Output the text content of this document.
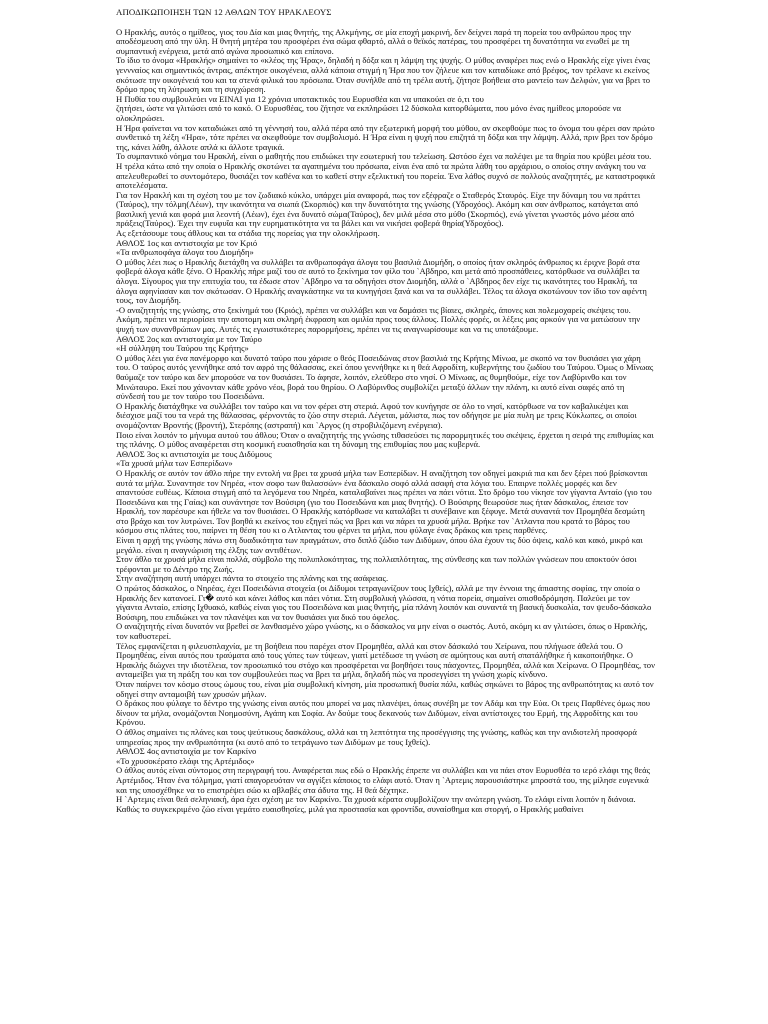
ΑΠΟΔΙΚΩΠΟΙΗΣΗ ΤΩΝ 12 ΑΘΛΩΝ ΤΟΥ ΗΡΑΚΛΕΟΥΣ
Ο Ηρακλής, αυτός ο ημίθεος, γιος του Δία και μιας θνητής, της Αλκμήνης, σε μία εποχή μακρινή, δεν δείχνει παρά τη πορεία του ανθρώπου προς την αποδέσμευση από την ύλη. Η θνητή μητέρα του προσφέρει ένα σώμα φθαρτό, αλλά ο θεϊκός πατέρας, του προσφέρει τη δυνατότητα να ενωθεί με τη συμπαντική ενέργεια, μετά από αγώνα προσωπικό και επίπονο.
Το ίδιο το όνομα «Ηρακλής» σημαίνει το «κλέος της Ήρας», δηλαδή η δόξα και η λάμψη της ψυχής. Ο μύθος αναφέρει πως ενώ ο Ηρακλής είχε γίνει ένας γεννναίος και σημαντικός άντρας, απέκτησε οικογένεια, αλλά κάποια στιγμή η Ήρα που τον ζήλευε και τον καταδίωκε από βρέφος, τον τρέλανε κι εκείνος σκότωσε την οικογένειά του και τα στενά φιλικά του πρόσωπα. Όταν συνήλθε από τη τρέλα αυτή, ζήτησε βοήθεια στο μαντείο των Δελφών, για να βρει το δρόμο προς τη λύτρωση και τη συγχώρεση.
Η Πυθία του συμβουλεύει να ΕΙΝΑΙ για 12 χρόνια υποτακτικός του Ευρυσθέα και να υπακούει σε ό,τι του
ζητήσει, ώστε να γλιτώσει από το κακό. Ο Ευρυσθέας, του ζήτησε να εκπληρώσει 12 δύσκολα κατορθώματα, που μόνο ένας ημίθεος μπορούσε να ολοκληρώσει.
Η Ήρα φαίνεται να τον καταδιώκει από τη γέννησή του, αλλά πέρα από την εξωτερική μορφή του μύθου, αν σκεφθούμε πως το όνομα του φέρει σαν πρώτο συνθετικό τη λέξη «Ήρα», τότε πρέπει να σκεφθούμε τον συμβολισμό. Η Ήρα είναι η ψυχή που επιζητά τη δόξα και την λάμψη. Αλλά, πριν βρει τον δρόμο της, κάνει λάθη, άλλοτε απλά κι άλλοτε τραγικά.
Το συμπαντικό νόημα του Ηρακλή, είναι ο μαθητής που επιδιώκει την εσωτερική του τελείωση. Ωστόσο έχει να παλέψει με τα θηρία που κρύβει μέσα του. Η τρέλα κάτω από την οποία ο Ηρακλής σκοτώνει τα αγαπημένα του πρόσωπα, είναι ένα από τα πρώτα λάθη του αρχάριου, ο οποίος στην ανάγκη του να απελευθερωθεί το συντομότερο, θυσιάζει τον καθένα και το καθετί στην εξελικτική του πορεία. Ένα λάθος συχνό σε πολλούς αναζητητές, με καταστροφικά αποτελέσματα.
Για τον Ηρακλή και τη σχέση του με τον ζωδιακό κύκλο, υπάρχει μία αναφορά, πως τον εξέφραζε ο Σταθερός Σταυρός. Είχε την δύναμη του να πράττει (Ταύρος), την τόλμη(Λέων), την ικανότητα να σιωπά (Σκορπιός) και την δυνατότητα της γνώσης (Υδροχόος). Ακόμη και σαν άνθρωπος, κατάγεται από βασιλική γενιά και φορά μια λεοντή (Λέων), έχει ένα δυνατό σώμα(Ταύρος), δεν μιλά μέσα στο μύθο (Σκορπιός), ενώ γίνεται γνωστός μόνο μέσα από πράξεις(Ταύρος). Έχει την ευφυΐα και την ευρηματικότητα να τα βάλει και να νικήσει φοβερά θηρία(Υδροχόος).
Ας εξετάσουμε τους άθλους και τα στάδια της πορείας για την ολοκλήρωση.
ΑΘΛΟΣ 1ος και αντιστοιχία με τον Κριό
«Τα ανθρωποφάγα άλογα του Διομήδη»
Ο μύθος λέει πως ο Ηρακλής διετάχθη να συλλάβει τα ανθρωποφάγα άλογα του βασιλιά Διομήδη, ο οποίος ήταν σκληρός άνθρωπος κι έριχνε βορά στα φοβερά άλογα κάθε ξένο. Ο Ηρακλής πήρε μαζί του σε αυτό το ξεκίνημα τον φίλο του `Αβδηρο, και μετά από προσπάθειες, κατόρθωσε να συλλάβει τα άλογα. Σίγουρος για την επιτυχία του, τα έδωσε στον `Αβδηρο να τα οδηγήσει στον Διομήδη, αλλά ο `Αβδηρος δεν είχε τις ικανότητες του Ηρακλή, τα άλογα αφηνίασαν και τον σκότωσαν. Ο Ηρακλής αναγκάστηκε να τα κυνηγήσει ξανά και να τα συλλάβει. Τέλος τα άλογα σκοτώνουν τον ίδιο τον αφέντη τους, τον Διομήδη.
-Ο αναζητητής της γνώσης, στο ξεκίνημά του (Κριός), πρέπει να συλλάβει και να δαμάσει τις βίαιες, σκληρές, άπονες και πολεμοχαρείς σκέψεις του. Ακόμη, πρέπει να περιορίσει την αποτομη και σκληρή έκφραση και ομιλία προς τους άλλους. Πολλές φορές, οι λέξεις μας αρκούν για να ματώσουν την ψυχή των συνανθρώπων μας. Αυτές τις εγωιστικότερες παρορμήσεις, πρέπει να τις αναγνωρίσουμε και να τις υποτάξουμε.
ΑΘΛΟΣ 2ος και αντιστοιχία με τον Ταύρο
«Η σύλληψη του Ταύρου της Κρήτης»
Ο μύθος λέει για ένα πανέμορφο και δυνατό ταύρο που χάρισε ο θεός Ποσειδώνας στον βασιλιά της Κρήτης Μίνωα, με σκοπό να τον θυσιάσει για χάρη του. Ο ταύρος αυτός γεννήθηκε από τον αφρό της θάλασσας, εκεί όπου γεννήθηκε κι η θεά Αφροδίτη, κυβερνήτης του ζωδίου του Ταύρου. Όμως ο Μίνωας θαύμαζε τον ταύρο και δεν μπορούσε να τον θυσιάσει. Το άφησε, λοιπόν, ελεύθερο στο νησί. Ο Μίνωας, ας θυμηθούμε, είχε τον Λαβύρινθο και τον Μινώταυρο. Εκεί που χάνονταν κάθε χρόνο νέοι, βορά του θηρίου. Ο Λαβύρινθος συμβολίζει μεταξύ άλλων την πλάνη, κι αυτό είναι σαφές από τη σύνδεσή του με τον ταύρο του Ποσειδώνα.
Ο Ηρακλής διατάχθηκε να συλλάβει τον ταύρο και να τον φέρει στη στεριά. Αφού τον κυνήγησε σε όλο το νησί, κατόρθωσε να τον καβαλικέψει και διέσχισε μαζί του τα νερά της θάλασσας, φέρνοντάς το ζώο στην στεριά. Λέγεται, μάλιστα, πως τον οδήγησε με μία πυλη με τρεις Κύκλωπες, οι οποίοι ονομάζονταν Βροντής (βροντή), Στερόπης (αστραπή) και `Αργος (η στροβιλιζόμενη ενέργεια).
Ποιο είναι λοιπόν το μήνυμα αυτού του άθλου; Όταν ο αναζητητής της γνώσης τιθασεύσει τις παρορμητικές του σκέψεις, έρχεται η σειρά της επιθυμίας και της πλάνης. Ο μύθος αναφέρεται στη κοσμική ευαισθησία και τη δύναμη της επιθυμίας που μας κυβερνά.
ΑΘΛΟΣ 3ος κι αντιστοιχία με τους Διδύμους
«Τα χρυσά μήλα των Εσπερίδων»
Ο Ηρακλής σε αυτόν τον άθλο πήρε την εντολή να βρει τα χρυσά μήλα των Εσπερίδων. Η αναζήτηση τον οδηγεί μακριά πια και δεν ξέρει πού βρίσκονται αυτά τα μήλα. Συναντησε τον Νηρέα, «τον σοφο των θαλασσών» ένα δάσκαλο σοφό αλλά ασαφή στα λόγια του. Επαιρνε πολλές μορφές και δεν απαντούσε ευθέως. Κάποια στιγμή από τα λεγόμενα του Νηρέα, καταλαβαίνει πως πρέπει να πάει νότια. Στο δρόμο του νίκησε τον γίγαντα Ανταίο (γιο του Ποσειδώνα και της Γαίας) και συνάντησε τον Βούσιρη (γιο του Ποσειδώνα και μιας θνητής). Ο Βούσιρης θεωρούσε πως ήταν δάσκαλος, έπεισε τον Ηρακλή, τον παρέσυρε και ήθελε να τον θυσιάσει. Ο Ηρακλής κατόρθωσε να καταλάβει τι συνέβαινε και ξέφυγε. Μετά συναντά τον Προμηθέα δεσμώτη στο βράχο και τον λυτρώνει. Τον βοηθά κι εκείνος του εξηγεί πώς να βρει και να πάρει τα χρυσά μήλα. Βρήκε τον `Ατλαντα που κρατά το βάρος του κόσμου στις πλάτες του, παίρνει τη θέση του κι ο Ατλαντας του φέρνει τα μήλα, που φύλαγε ένας δράκος και τρεις παρθένες.
Είναι η αρχή της γνώσης πάνω στη δυαδικότητα των πραγμάτων, στο διπλό ζώδιο των Διδύμων, όπου όλα έχουν τις δύο όψεις, καλό και κακό, μικρό και μεγάλο. είναι η αναγνώριση της έλξης των αντιθέτων.
Στον άθλο τα χρυσά μήλα είναι πολλά, σύμβολο της πολυπλοκότητας, της πολλαπλότητας, της σύνθεσης και των πολλών γνώσεων που αποκτούν όσοι τρέφονται με το Δέντρο της Ζωής.
Στην αναζήτηση αυτή υπάρχει πάντα το στοιχείο της πλάνης και της ασάφειας.
Ο πρώτος δάσκαλος, ο Νηρέας, έχει Ποσειδώνια στοιχεία (οι Δίδυμοι τετραγωνίζουν τους Ιχθείς), αλλά με την έννοια της άπιαστης σοφίας, την οποία ο Ηρακλής δεν κατανοεί. Γι� αυτό και κάνει λάθος και πάει νότια. Στη συμβολική γλώσσα, η νότια πορεία, σημαίνει οπισθοδρόμηση. Παλεύει με τον γίγαντα Ανταίο, επίσης Ιχθυακό, καθώς είναι γιος του Ποσειδώνα και μιας θνητής, μία πλάνη λοιπόν και συναντά τη βασική δυσκολία, τον ψευδο-δάσκαλο Βούσιρη, που επιδιώκει να τον πλανέψει και να τον θυσιάσει για δικό του όφελος.
Ο αναζητητής είναι δυνατόν να βρεθεί σε λανθασμένο χώρο γνώσης, κι ο δάσκαλος να μην είναι ο σωστός. Αυτό, ακόμη κι αν γλιτώσει, όπως ο Ηρακλής, τον καθυστερεί.
Τέλος εμφανίζεται η φιλευσπλαχνία, με τη βοήθεια που παρέχει στον Προμηθέα, αλλά και στον δάσκαλό του Χείρωνα, που πλήγωσε άθελά του. Ο Προμηθέας, είναι αυτός που τραύματα από τους γύπες των τύψεων, γιατί μετέδωσε τη γνώση σε αμύητους και αυτή σπατάλήθηκε ή κακοποιήθηκε. Ο Ηρακλής διώχνει την ιδιοτέλεια, τον προσωπικό του στόχο και προσφέρεται να βοηθήσει τους πάσχοντες, Προμηθέα, αλλά και Χείρωνα. Ο Προμηθέας, τον ανταμείβει για τη πράξη του και τον συμβουλεύει πως να βρει τα μήλα, δηλαδή πώς να προσεγγίσει τη γνώση χωρίς κίνδυνο.
Όταν παίρνει τον κόσμο στους ώμους του, είναι μία συμβολική κίνηση, μία προσωπική θυσία πάλι, καθώς σηκώνει το βάρος της ανθρωπότητας κι αυτό τον οδηγεί στην ανταμοιβή των χρυσών μήλων.
Ο δράκος που φύλαγε το δέντρο της γνώσης είναι αυτός που μπορεί να μας πλανέψει, όπως συνέβη με τον Αδάμ και την Εύα. Οι τρεις Παρθένες όμως που δίνουν τα μήλα, ονομάζονται Νοημοσύνη, Αγάπη και Σοφία. Αν δούμε τους δεκανούς των Διδύμων, είναι αντίστοιχες του Ερμή, της Αφροδίτης και του Κρόνου.
Ο άθλος σημαίνει τις πλάνες και τους ψεύτικους δασκάλους, αλλά και τη λεπτότητα της προσέγγισης της γνώσης, καθώς και την ανιδιοτελή προσφορά υπηρεσίας προς την ανθρωπότητα (κι αυτό από το τετράγωνο των Διδύμων με τους Ιχθείς).
ΑΘΛΟΣ 4ος αντιστοιχία με τον Καρκίνο
«Το χρυσοκέρατο ελάφι της Αρτέμιδος»
Ο άθλος αυτός είναι σύντομος στη περιγραφή του. Αναφέρεται πως εδώ ο Ηρακλής έπρεπε να συλλάβει και να πάει στον Ευρυσθέα το ιερό ελάφι της θεάς Αρτέμιδος. Ήταν ένα τόλμημα, γιατί απαγορευόταν να αγγίξει κάποιος το ελάφι αυτό. Όταν η `Αρτεμις παρουσιάστηκε μπροστά του, της μίλησε ευγενικά και της υποσχέθηκε να το επιστρέψει σώο κι αβλαβές στα άδυτα της. Η θεά δέχτηκε.
Η `Αρτεμις είναι θεά σεληνιακή, άρα έχει σχέση με τον Καρκίνο. Τα χρυσά κέρατα συμβολίζουν την ανώτερη γνώση. Το ελάφι είναι λοιπόν η διάνοια. Καθώς το συγκεκριμένο ζώο είναι γεμάτο ευαισθησίες, μιλά για προστασία και φροντίδα, συναίσθημα και στοργή, ο Ηρακλής μαθαίνει
